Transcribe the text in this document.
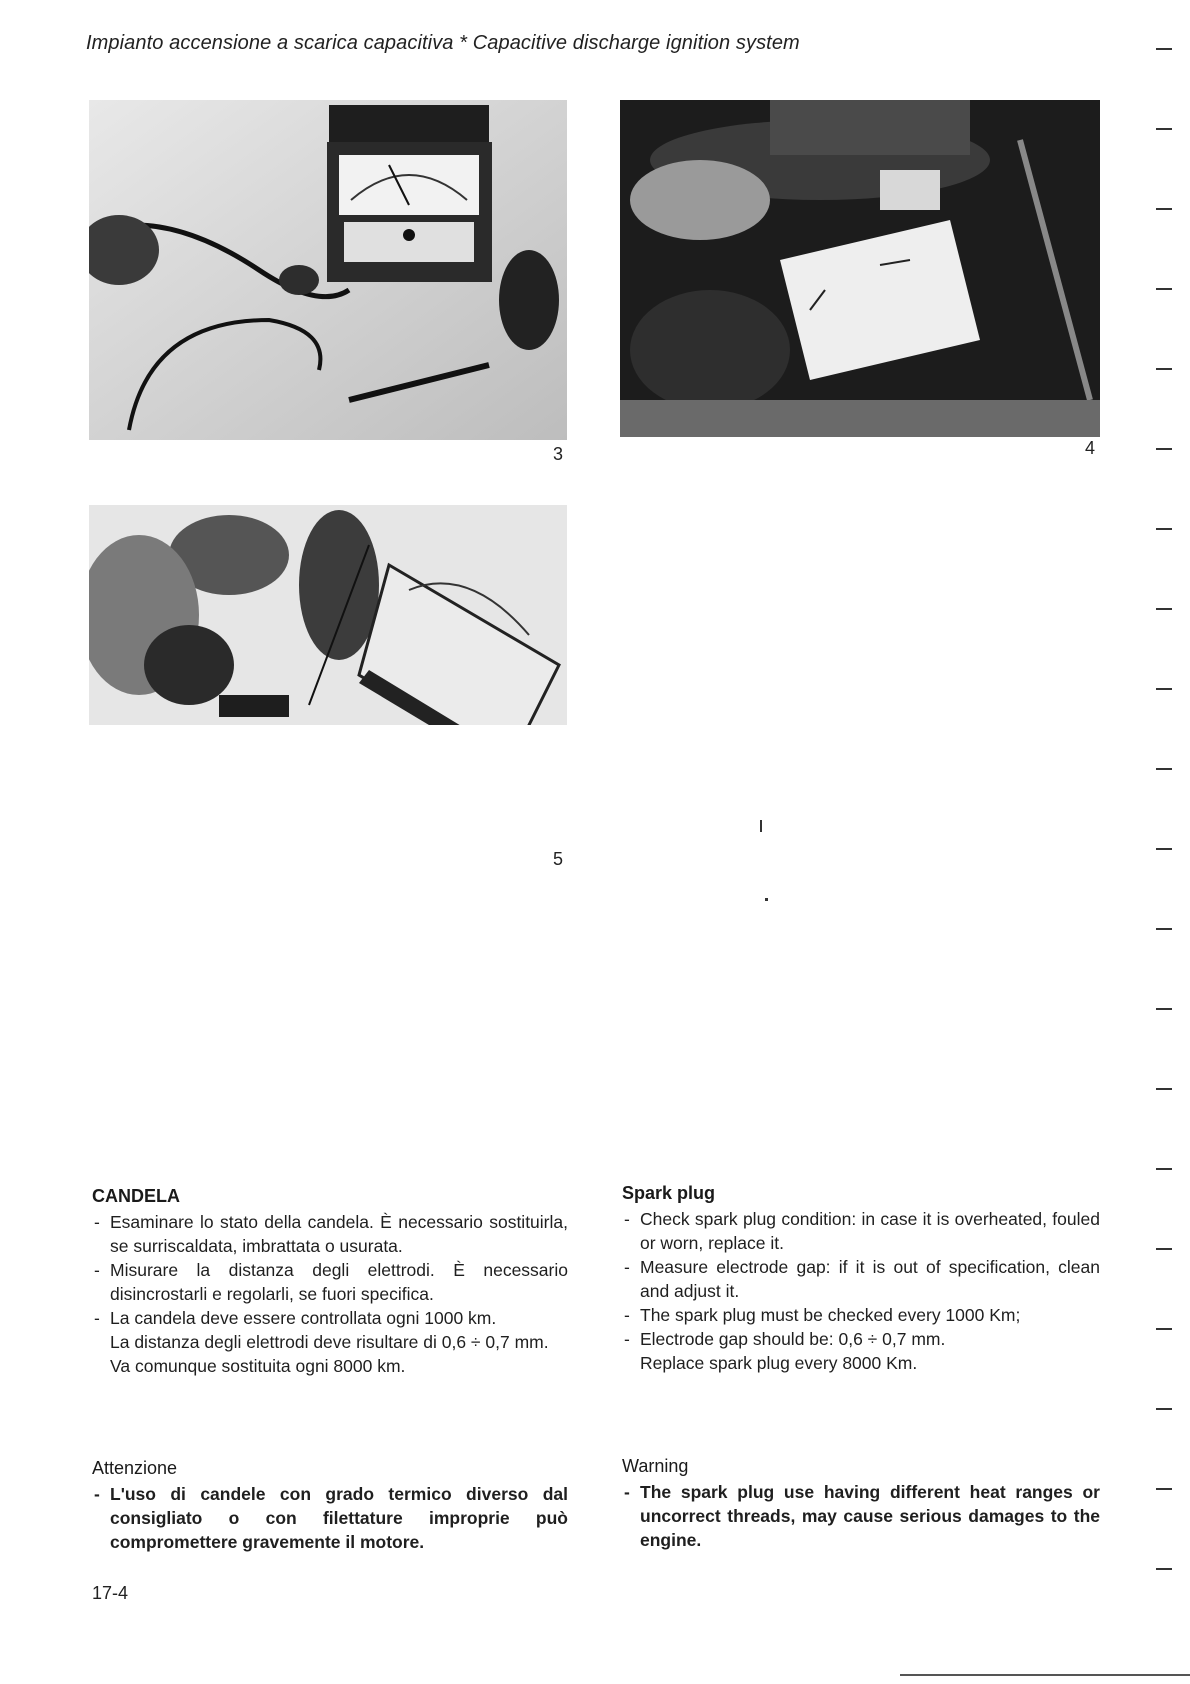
Impianto accensione a scarica capacitiva * Capacitive discharge ignition system
3	4
5
CANDELA
- Esaminare lo stato della candela. È necessario sostituirla, se surriscaldata, imbrattata o usurata.
- Misurare la distanza degli elettrodi. È necessario disincrostarli e regolarli, se fuori specifica.
- La candela deve essere controllata ogni 1000 km.
La distanza degli elettrodi deve risultare di 0,6 ÷ 0,7 mm. Va comunque sostituita ogni 8000 km.
Attenzione
- L'uso di candele con grado termico diverso dal consigliato o con filettature improprie può compromettere gravemente il motore.
Spark plug
- Check spark plug condition: in case it is overheated, fouled or worn, replace it.
- Measure electrode gap: if it is out of specification, clean and adjust it.
- The spark plug must be checked every 1000 Km;
- Electrode gap should be: 0,6 ÷ 0,7 mm.
Replace spark plug every 8000 Km.
Warning
- The spark plug use having different heat ranges or uncorrect threads, may cause serious damages to the engine.
17-4
